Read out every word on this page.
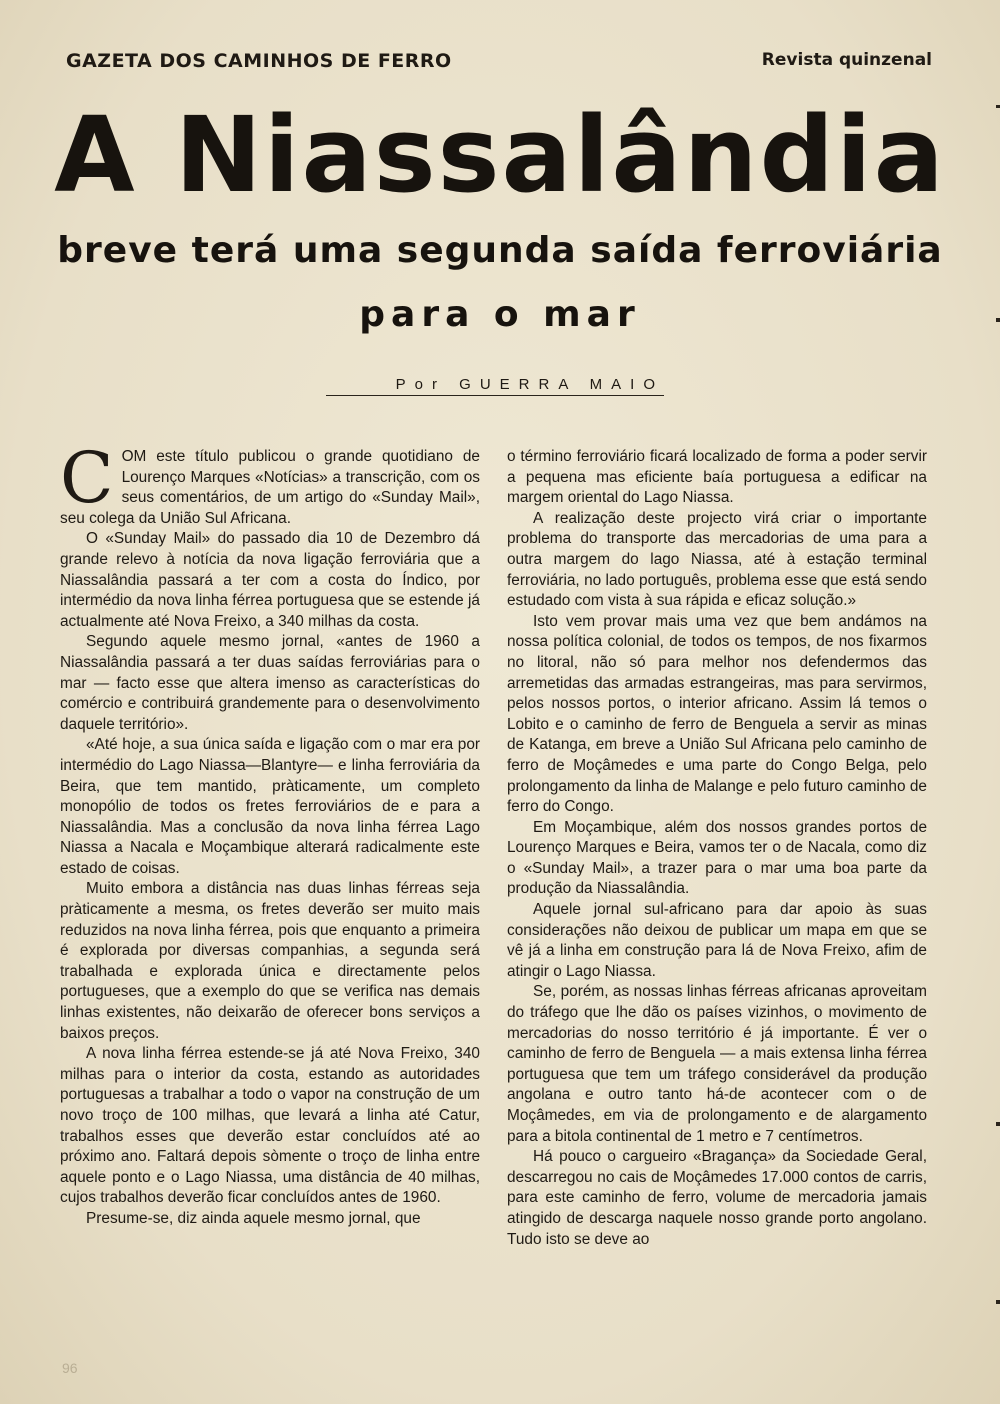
GAZETA DOS CAMINHOS DE FERRO	Revista quinzenal
A Niassalândia
breve terá uma segunda saída ferroviária
para o mar
Por GUERRA MAIO

COM este título publicou o grande quotidiano de Lourenço Marques «Notícias» a transcrição, com os seus comentários, de um artigo do «Sunday Mail», seu colega da União Sul Africana.

O «Sunday Mail» do passado dia 10 de Dezembro dá grande relevo à notícia da nova ligação ferroviária que a Niassalândia passará a ter com a costa do Índico, por intermédio da nova linha férrea portuguesa que se estende já actualmente até Nova Freixo, a 340 milhas da costa.

Segundo aquele mesmo jornal, «antes de 1960 a Niassalândia passará a ter duas saídas ferroviárias para o mar — facto esse que altera imenso as características do comércio e contribuirá grandemente para o desenvolvimento daquele território».

«Até hoje, a sua única saída e ligação com o mar era por intermédio do Lago Niassa—Blantyre— e linha ferroviária da Beira, que tem mantido, pràticamente, um completo monopólio de todos os fretes ferroviários de e para a Niassalândia. Mas a conclusão da nova linha férrea Lago Niassa a Nacala e Moçambique alterará radicalmente este estado de coisas.

Muito embora a distância nas duas linhas férreas seja pràticamente a mesma, os fretes deverão ser muito mais reduzidos na nova linha férrea, pois que enquanto a primeira é explorada por diversas companhias, a segunda será trabalhada e explorada única e directamente pelos portugueses, que a exemplo do que se verifica nas demais linhas existentes, não deixarão de oferecer bons serviços a baixos preços.

A nova linha férrea estende-se já até Nova Freixo, 340 milhas para o interior da costa, estando as autoridades portuguesas a trabalhar a todo o vapor na construção de um novo troço de 100 milhas, que levará a linha até Catur, trabalhos esses que deverão estar concluídos até ao próximo ano. Faltará depois sòmente o troço de linha entre aquele ponto e o Lago Niassa, uma distância de 40 milhas, cujos trabalhos deverão ficar concluídos antes de 1960.

Presume-se, diz ainda aquele mesmo jornal, que

o término ferroviário ficará localizado de forma a poder servir a pequena mas eficiente baía portuguesa a edificar na margem oriental do Lago Niassa.

A realização deste projecto virá criar o importante problema do transporte das mercadorias de uma para a outra margem do lago Niassa, até à estação terminal ferroviária, no lado português, problema esse que está sendo estudado com vista à sua rápida e eficaz solução.»

Isto vem provar mais uma vez que bem andámos na nossa política colonial, de todos os tempos, de nos fixarmos no litoral, não só para melhor nos defendermos das arremetidas das armadas estrangeiras, mas para servirmos, pelos nossos portos, o interior africano. Assim lá temos o Lobito e o caminho de ferro de Benguela a servir as minas de Katanga, em breve a União Sul Africana pelo caminho de ferro de Moçâmedes e uma parte do Congo Belga, pelo prolongamento da linha de Malange e pelo futuro caminho de ferro do Congo.

Em Moçambique, além dos nossos grandes portos de Lourenço Marques e Beira, vamos ter o de Nacala, como diz o «Sunday Mail», a trazer para o mar uma boa parte da produção da Niassalândia.

Aquele jornal sul-africano para dar apoio às suas considerações não deixou de publicar um mapa em que se vê já a linha em construção para lá de Nova Freixo, afim de atingir o Lago Niassa.

Se, porém, as nossas linhas férreas africanas aproveitam do tráfego que lhe dão os países vizinhos, o movimento de mercadorias do nosso território é já importante. É ver o caminho de ferro de Benguela — a mais extensa linha férrea portuguesa que tem um tráfego considerável da produção angolana e outro tanto há-de acontecer com o de Moçâmedes, em via de prolongamento e de alargamento para a bitola continental de 1 metro e 7 centímetros.

Há pouco o cargueiro «Bragança» da Sociedade Geral, descarregou no cais de Moçâmedes 17.000 contos de carris, para este caminho de ferro, volume de mercadoria jamais atingido de descarga naquele nosso grande porto angolano. Tudo isto se deve ao

96
